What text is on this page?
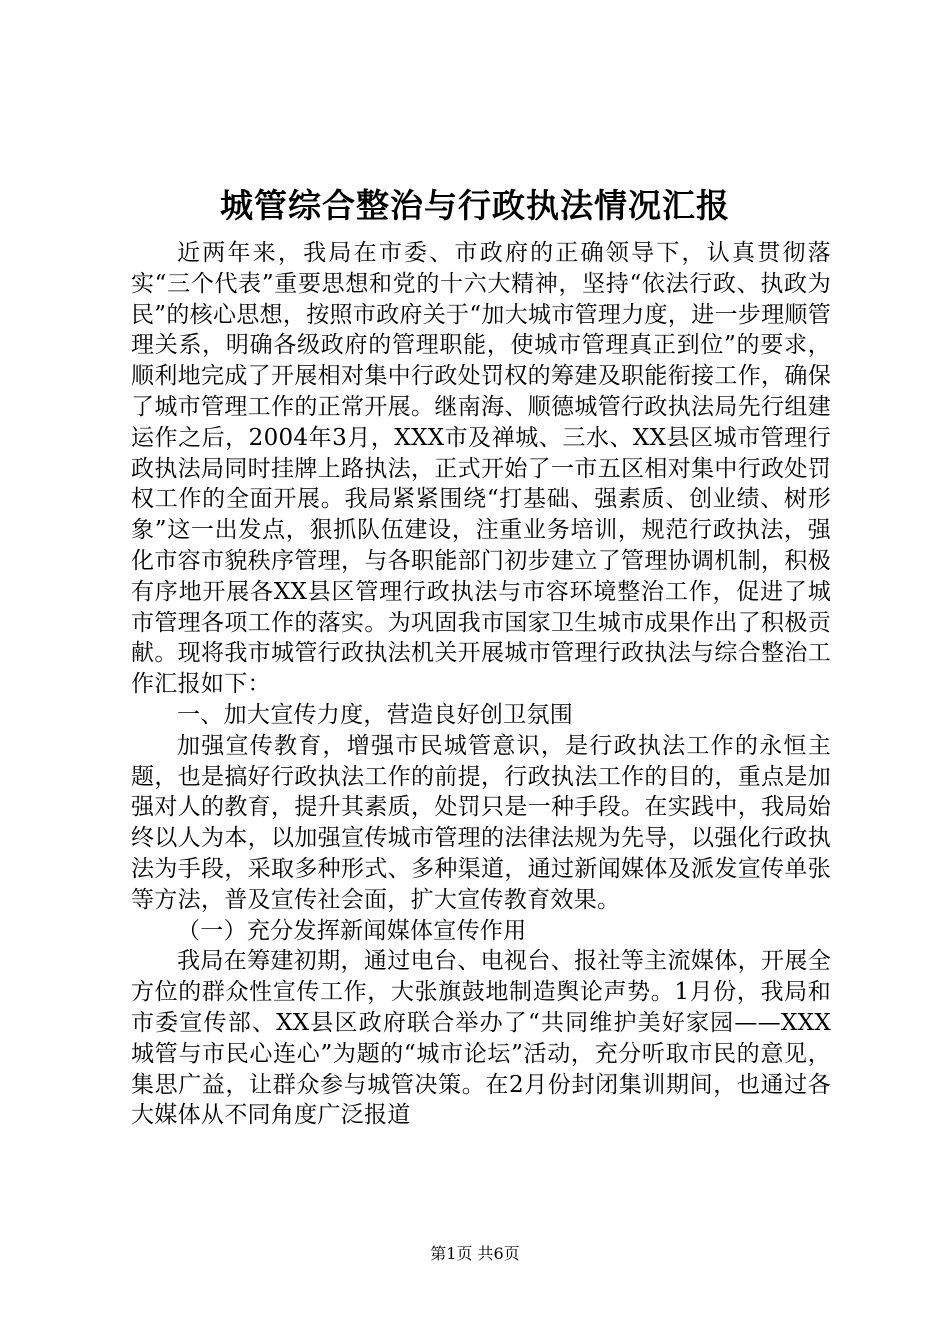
城管综合整治与行政执法情况汇报

近两年来，我局在市委、市政府的正确领导下，认真贯彻落实“三个代表”重要思想和党的十六大精神，坚持“依法行政、执政为民”的核心思想，按照市政府关于“加大城市管理力度，进一步理顺管理关系，明确各级政府的管理职能，使城市管理真正到位”的要求，顺利地完成了开展相对集中行政处罚权的筹建及职能衔接工作，确保了城市管理工作的正常开展。继南海、顺德城管行政执法局先行组建运作之后，2004年3月，XXX市及禅城、三水、XX县区城市管理行政执法局同时挂牌上路执法，正式开始了一市五区相对集中行政处罚权工作的全面开展。我局紧紧围绕“打基础、强素质、创业绩、树形象”这一出发点，狠抓队伍建设，注重业务培训，规范行政执法，强化市容市貌秩序管理，与各职能部门初步建立了管理协调机制，积极有序地开展各XX县区管理行政执法与市容环境整治工作，促进了城市管理各项工作的落实。为巩固我市国家卫生城市成果作出了积极贡献。现将我市城管行政执法机关开展城市管理行政执法与综合整治工作汇报如下：

一、加大宣传力度，营造良好创卫氛围

加强宣传教育，增强市民城管意识，是行政执法工作的永恒主题，也是搞好行政执法工作的前提，行政执法工作的目的，重点是加强对人的教育，提升其素质，处罚只是一种手段。在实践中，我局始终以人为本，以加强宣传城市管理的法律法规为先导，以强化行政执法为手段，采取多种形式、多种渠道，通过新闻媒体及派发宣传单张等方法，普及宣传社会面，扩大宣传教育效果。

（一）充分发挥新闻媒体宣传作用

我局在筹建初期，通过电台、电视台、报社等主流媒体，开展全方位的群众性宣传工作，大张旗鼓地制造舆论声势。1月份，我局和市委宣传部、XX县区政府联合举办了“共同维护美好家园——XXX城管与市民心连心”为题的“城市论坛”活动，充分听取市民的意见，集思广益，让群众参与城管决策。在2月份封闭集训期间，也通过各大媒体从不同角度广泛报道

第1页 共6页
